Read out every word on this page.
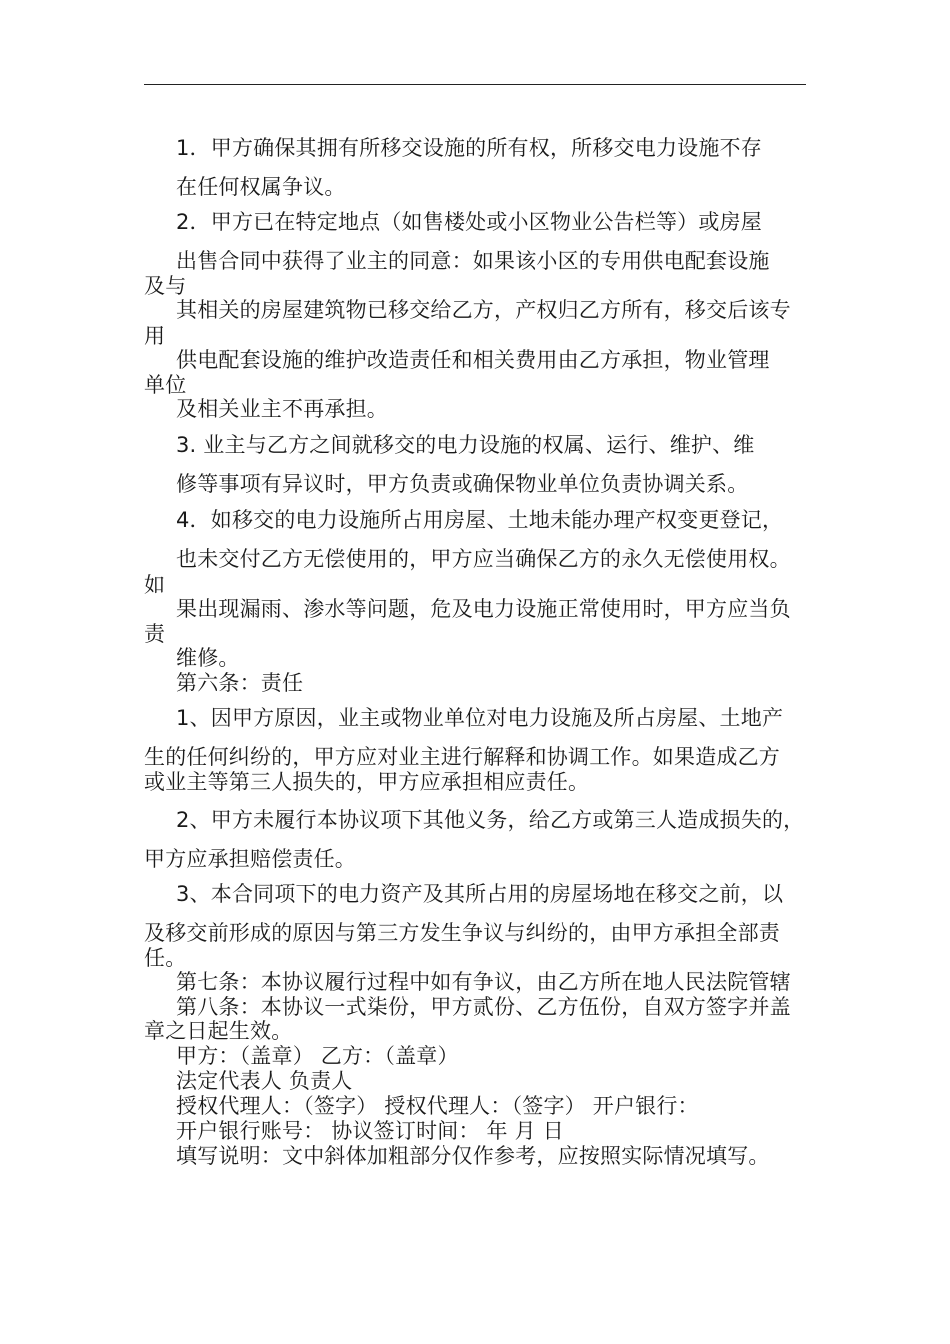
1．甲方确保其拥有所移交设施的所有权，所移交电力设施不存
在任何权属争议。
2．甲方已在特定地点（如售楼处或小区物业公告栏等）或房屋
出售合同中获得了业主的同意：如果该小区的专用供电配套设施
及与
其相关的房屋建筑物已移交给乙方，产权归乙方所有，移交后该专
用
供电配套设施的维护改造责任和相关费用由乙方承担，物业管理
单位
及相关业主不再承担。
3. 业主与乙方之间就移交的电力设施的权属、运行、维护、维
修等事项有异议时，甲方负责或确保物业单位负责协调关系。
4．如移交的电力设施所占用房屋、土地未能办理产权变更登记，
也未交付乙方无偿使用的，甲方应当确保乙方的永久无偿使用权。
如
果出现漏雨、渗水等问题，危及电力设施正常使用时，甲方应当负
责
维修。
第六条：责任
1、因甲方原因，业主或物业单位对电力设施及所占房屋、土地产
生的任何纠纷的，甲方应对业主进行解释和协调工作。如果造成乙方
或业主等第三人损失的，甲方应承担相应责任。
2、甲方未履行本协议项下其他义务，给乙方或第三人造成损失的，
甲方应承担赔偿责任。
3、本合同项下的电力资产及其所占用的房屋场地在移交之前，以
及移交前形成的原因与第三方发生争议与纠纷的，由甲方承担全部责
任。
第七条：本协议履行过程中如有争议，由乙方所在地人民法院管辖
第八条：本协议一式柒份，甲方贰份、乙方伍份，自双方签字并盖
章之日起生效。
甲方：（盖章） 乙方：（盖章）
法定代表人 负责人
授权代理人：（签字） 授权代理人：（签字） 开户银行：
开户银行账号： 协议签订时间： 年 月 日
填写说明：文中斜体加粗部分仅作参考，应按照实际情况填写。
